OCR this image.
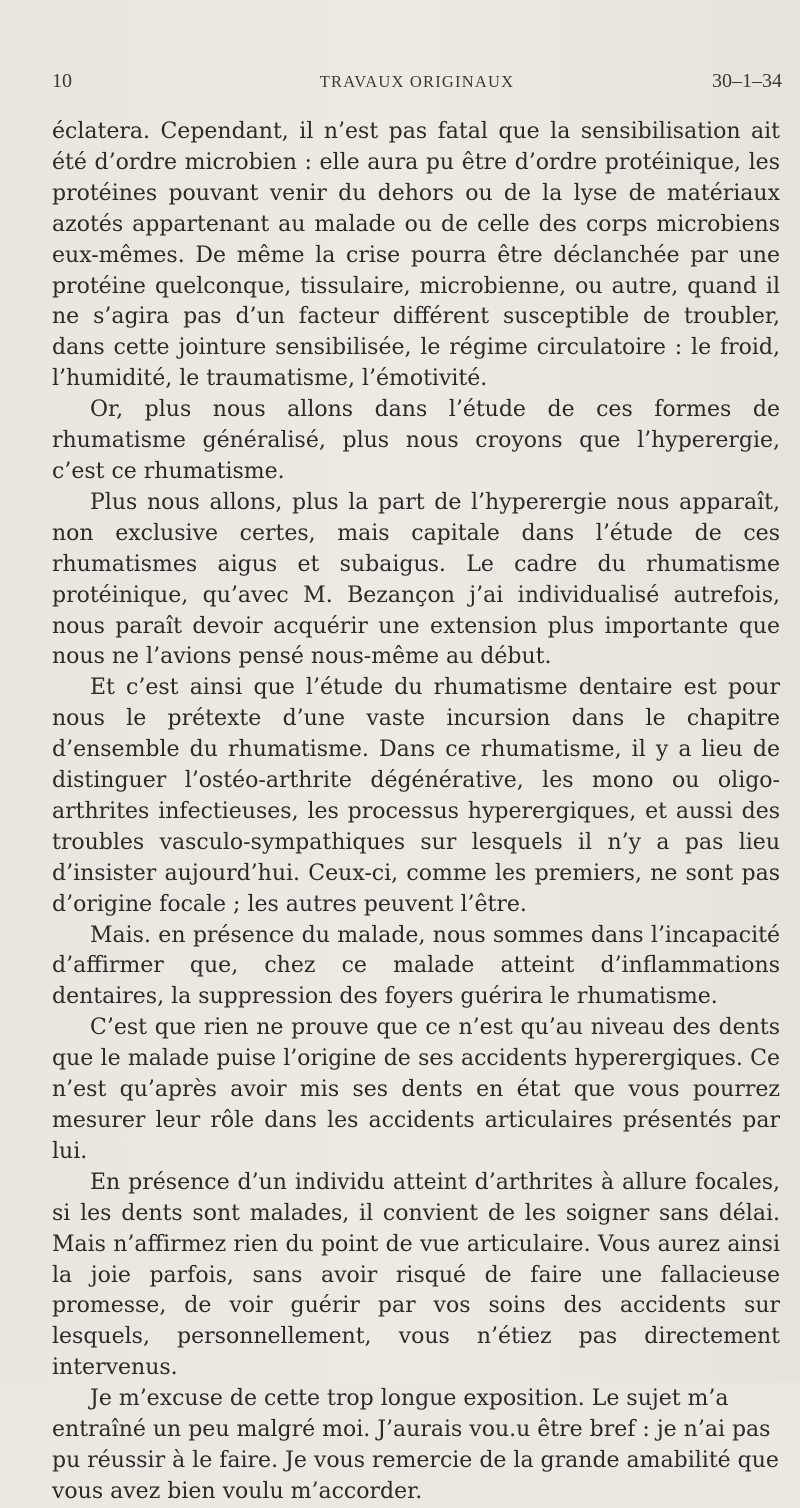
10	TRAVAUX ORIGINAUX	30–1–34

éclatera. Cependant, il n’est pas fatal que la sensibilisation ait été d’ordre microbien : elle aura pu être d’ordre protéinique, les protéines pouvant venir du dehors ou de la lyse de matériaux azotés appartenant au malade ou de celle des corps microbiens eux-mêmes. De même la crise pourra être déclanchée par une protéine quelconque, tissulaire, microbienne, ou autre, quand il ne s’agira pas d’un facteur différent susceptible de troubler, dans cette jointure sensibilisée, le régime circulatoire : le froid, l’humidité, le traumatisme, l’émotivité.

Or, plus nous allons dans l’étude de ces formes de rhumatisme généralisé, plus nous croyons que l’hyperergie, c’est ce rhumatisme.

Plus nous allons, plus la part de l’hyperergie nous apparaît, non exclusive certes, mais capitale dans l’étude de ces rhumatismes aigus et subaigus. Le cadre du rhumatisme protéinique, qu’avec M. Bezançon j’ai individualisé autrefois, nous paraît devoir acquérir une extension plus importante que nous ne l’avions pensé nous-même au début.

Et c’est ainsi que l’étude du rhumatisme dentaire est pour nous le prétexte d’une vaste incursion dans le chapitre d’ensemble du rhumatisme. Dans ce rhumatisme, il y a lieu de distinguer l’ostéo-arthrite dégénérative, les mono ou oligo-arthrites infectieuses, les processus hyperergiques, et aussi des troubles vasculo-sympathiques sur lesquels il n’y a pas lieu d’insister aujourd’hui. Ceux-ci, comme les premiers, ne sont pas d’origine focale ; les autres peuvent l’être.

Mais. en présence du malade, nous sommes dans l’incapacité d’affirmer que, chez ce malade atteint d’inflammations dentaires, la suppression des foyers guérira le rhumatisme.

C’est que rien ne prouve que ce n’est qu’au niveau des dents que le malade puise l’origine de ses accidents hyperergiques. Ce n’est qu’après avoir mis ses dents en état que vous pourrez mesurer leur rôle dans les accidents articulaires présentés par lui.

En présence d’un individu atteint d’arthrites à allure focales, si les dents sont malades, il convient de les soigner sans délai. Mais n’affirmez rien du point de vue articulaire. Vous aurez ainsi la joie parfois, sans avoir risqué de faire une fallacieuse promesse, de voir guérir par vos soins des accidents sur lesquels, personnellement, vous n’étiez pas directement intervenus.

Je m’excuse de cette trop longue exposition. Le sujet m’a entraîné un peu malgré moi. J’aurais vou.u être bref : je n’ai pas pu réussir à le faire. Je vous remercie de la grande amabilité que vous avez bien voulu m’accorder.
